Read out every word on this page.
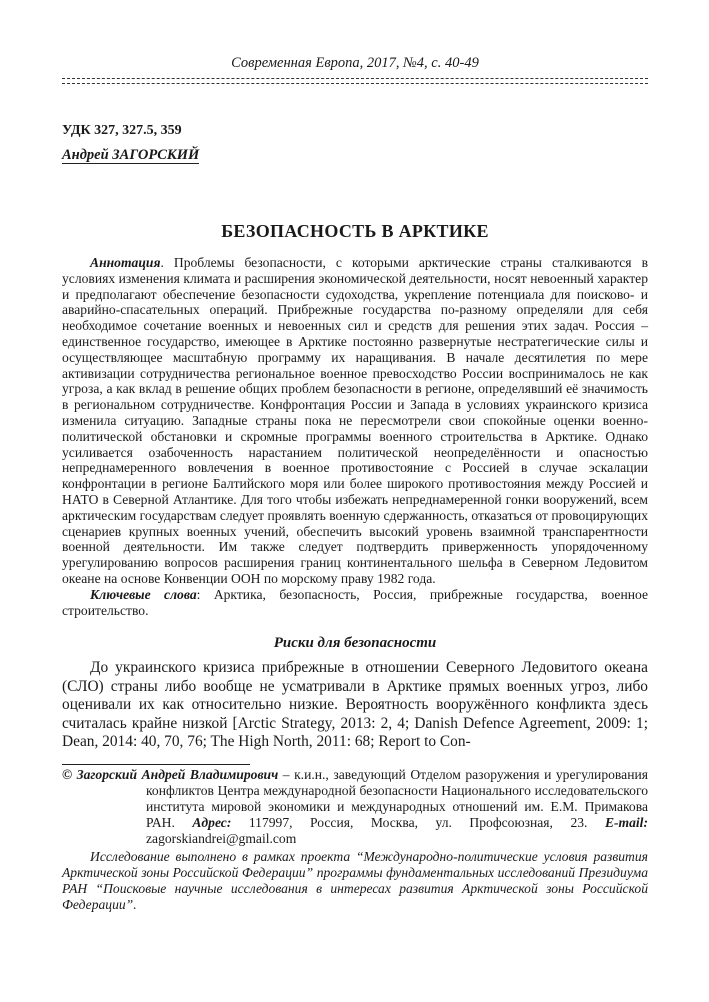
Современная Европа, 2017, №4, с. 40-49
УДК 327, 327.5, 359
Андрей ЗАГОРСКИЙ
БЕЗОПАСНОСТЬ В АРКТИКЕ

Аннотация. Проблемы безопасности, с которыми арктические страны сталкиваются в условиях изменения климата и расширения экономической деятельности, носят невоенный характер и предполагают обеспечение безопасности судоходства, укрепление потенциала для поисково- и аварийно-спасательных операций. Прибрежные государства по-разному определяли для себя необходимое сочетание военных и невоенных сил и средств для решения этих задач. Россия – единственное государство, имеющее в Арктике постоянно развернутые нестратегические силы и осуществляющее масштабную программу их наращивания. В начале десятилетия по мере активизации сотрудничества региональное военное превосходство России воспринималось не как угроза, а как вклад в решение общих проблем безопасности в регионе, определявший её значимость в региональном сотрудничестве. Конфронтация России и Запада в условиях украинского кризиса изменила ситуацию. Западные страны пока не пересмотрели свои спокойные оценки военно-политической обстановки и скромные программы военного строительства в Арктике. Однако усиливается озабоченность нарастанием политической неопределённости и опасностью непреднамеренного вовлечения в военное противостояние с Россией в случае эскалации конфронтации в регионе Балтийского моря или более широкого противостояния между Россией и НАТО в Северной Атлантике. Для того чтобы избежать непреднамеренной гонки вооружений, всем арктическим государствам следует проявлять военную сдержанность, отказаться от провоцирующих сценариев крупных военных учений, обеспечить высокий уровень взаимной транспарентности военной деятельности. Им также следует подтвердить приверженность упорядоченному урегулированию вопросов расширения границ континентального шельфа в Северном Ледовитом океане на основе Конвенции ООН по морскому праву 1982 года.

Ключевые слова: Арктика, безопасность, Россия, прибрежные государства, военное строительство.

Риски для безопасности
До украинского кризиса прибрежные в отношении Северного Ледовитого океана (СЛО) страны либо вообще не усматривали в Арктике прямых военных угроз, либо оценивали их как относительно низкие. Вероятность вооружённого конфликта здесь считалась крайне низкой [Arctic Strategy, 2013: 2, 4; Danish Defence Agreement, 2009: 1; Dean, 2014: 40, 70, 76; The High North, 2011: 68; Report to Con-
© Загорский Андрей Владимирович – к.и.н., заведующий Отделом разоружения и урегулирования конфликтов Центра международной безопасности Национального исследовательского института мировой экономики и международных отношений им. Е.М. Примакова РАН. Адрес: 117997, Россия, Москва, ул. Профсоюзная, 23. E-mail: zagorskiandrei@gmail.com
Исследование выполнено в рамках проекта “Международно-политические условия развития Арктической зоны Российской Федерации” программы фундаментальных исследований Президиума РАН “Поисковые научные исследования в интересах развития Арктической зоны Российской Федерации”.
